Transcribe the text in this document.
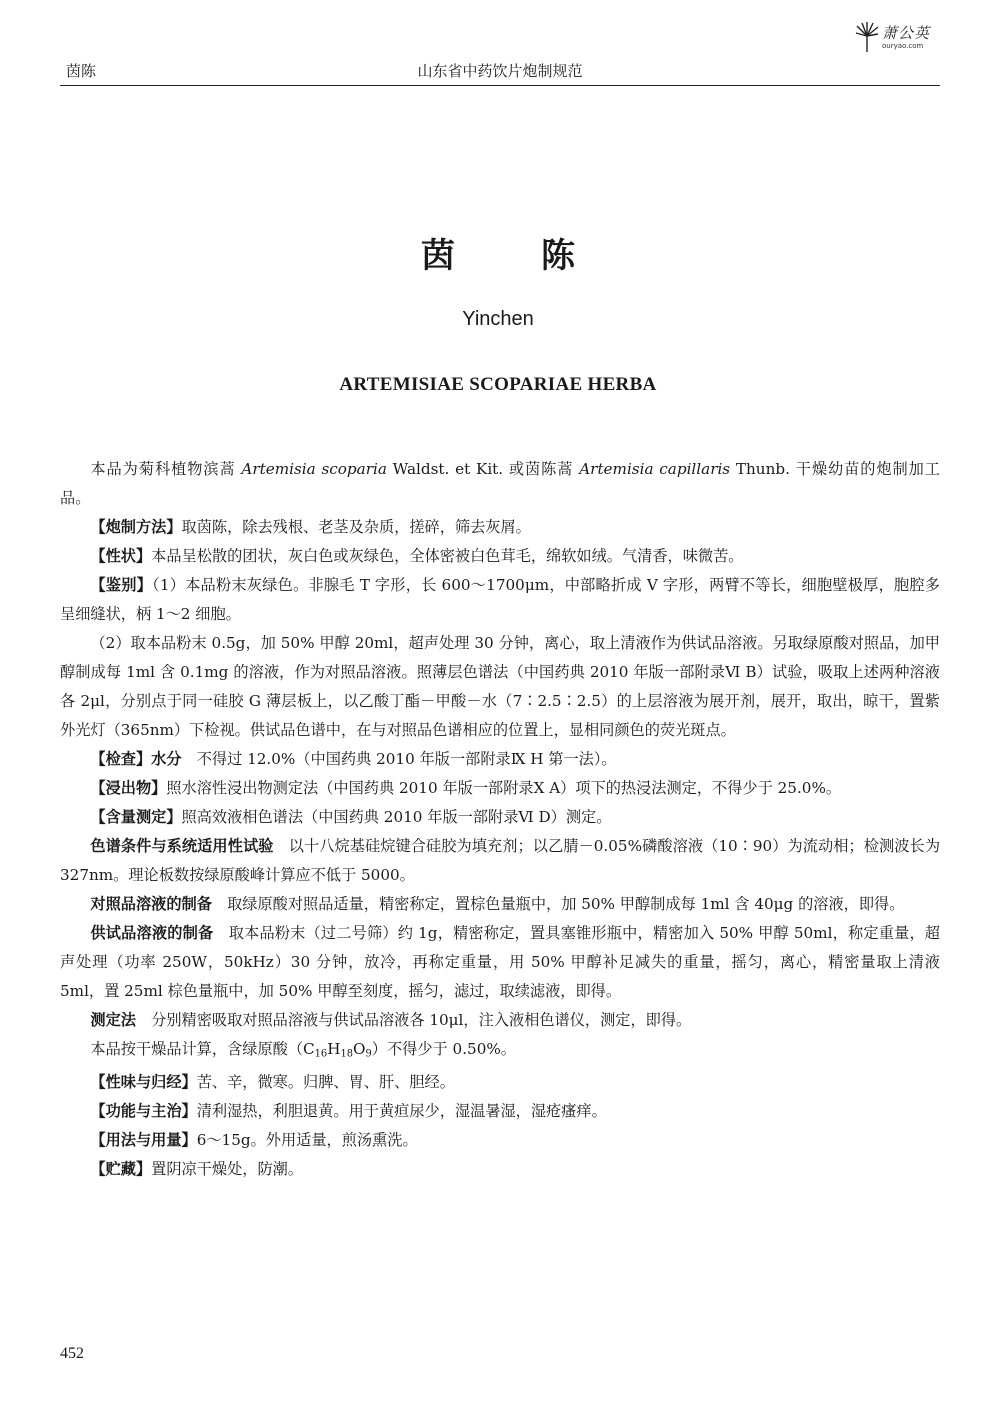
萧公英
ouryao.com
茵陈	山东省中药饮片炮制规范
茵陈
Yinchen
ARTEMISIAE SCOPARIAE HERBA

本品为菊科植物滨蒿 Artemisia scoparia Waldst. et Kit. 或茵陈蒿 Artemisia capillaris Thunb. 干燥幼苗的炮制加工品。

【炮制方法】取茵陈，除去残根、老茎及杂质，搓碎，筛去灰屑。

【性状】本品呈松散的团状，灰白色或灰绿色，全体密被白色茸毛，绵软如绒。气清香，味微苦。

【鉴别】（1）本品粉末灰绿色。非腺毛 T 字形，长 600～1700μm，中部略折成 V 字形，两臂不等长，细胞壁极厚，胞腔多呈细缝状，柄 1～2 细胞。

（2）取本品粉末 0.5g，加 50% 甲醇 20ml，超声处理 30 分钟，离心，取上清液作为供试品溶液。另取绿原酸对照品，加甲醇制成每 1ml 含 0.1mg 的溶液，作为对照品溶液。照薄层色谱法（中国药典 2010 年版一部附录Ⅵ B）试验，吸取上述两种溶液各 2μl，分别点于同一硅胶 G 薄层板上，以乙酸丁酯－甲酸－水（7∶2.5∶2.5）的上层溶液为展开剂，展开，取出，晾干，置紫外光灯（365nm）下检视。供试品色谱中，在与对照品色谱相应的位置上，显相同颜色的荧光斑点。

【检查】水分　不得过 12.0%（中国药典 2010 年版一部附录Ⅸ H 第一法）。

【浸出物】照水溶性浸出物测定法（中国药典 2010 年版一部附录Ⅹ A）项下的热浸法测定，不得少于 25.0%。

【含量测定】照高效液相色谱法（中国药典 2010 年版一部附录Ⅵ D）测定。

色谱条件与系统适用性试验　以十八烷基硅烷键合硅胶为填充剂；以乙腈－0.05%磷酸溶液（10∶90）为流动相；检测波长为 327nm。理论板数按绿原酸峰计算应不低于 5000。

对照品溶液的制备　取绿原酸对照品适量，精密称定，置棕色量瓶中，加 50% 甲醇制成每 1ml 含 40μg 的溶液，即得。

供试品溶液的制备　取本品粉末（过二号筛）约 1g，精密称定，置具塞锥形瓶中，精密加入 50% 甲醇 50ml，称定重量，超声处理（功率 250W，50kHz）30 分钟，放冷，再称定重量，用 50% 甲醇补足减失的重量，摇匀，离心，精密量取上清液 5ml，置 25ml 棕色量瓶中，加 50% 甲醇至刻度，摇匀，滤过，取续滤液，即得。

测定法　分别精密吸取对照品溶液与供试品溶液各 10μl，注入液相色谱仪，测定，即得。

本品按干燥品计算，含绿原酸$(C_{16}H_{18}O_9)$不得少于 0.50%。

【性味与归经】苦、辛，微寒。归脾、胃、肝、胆经。

【功能与主治】清利湿热，利胆退黄。用于黄疸尿少，湿温暑湿，湿疮瘙痒。

【用法与用量】6～15g。外用适量，煎汤熏洗。

【贮藏】置阴凉干燥处，防潮。

452
